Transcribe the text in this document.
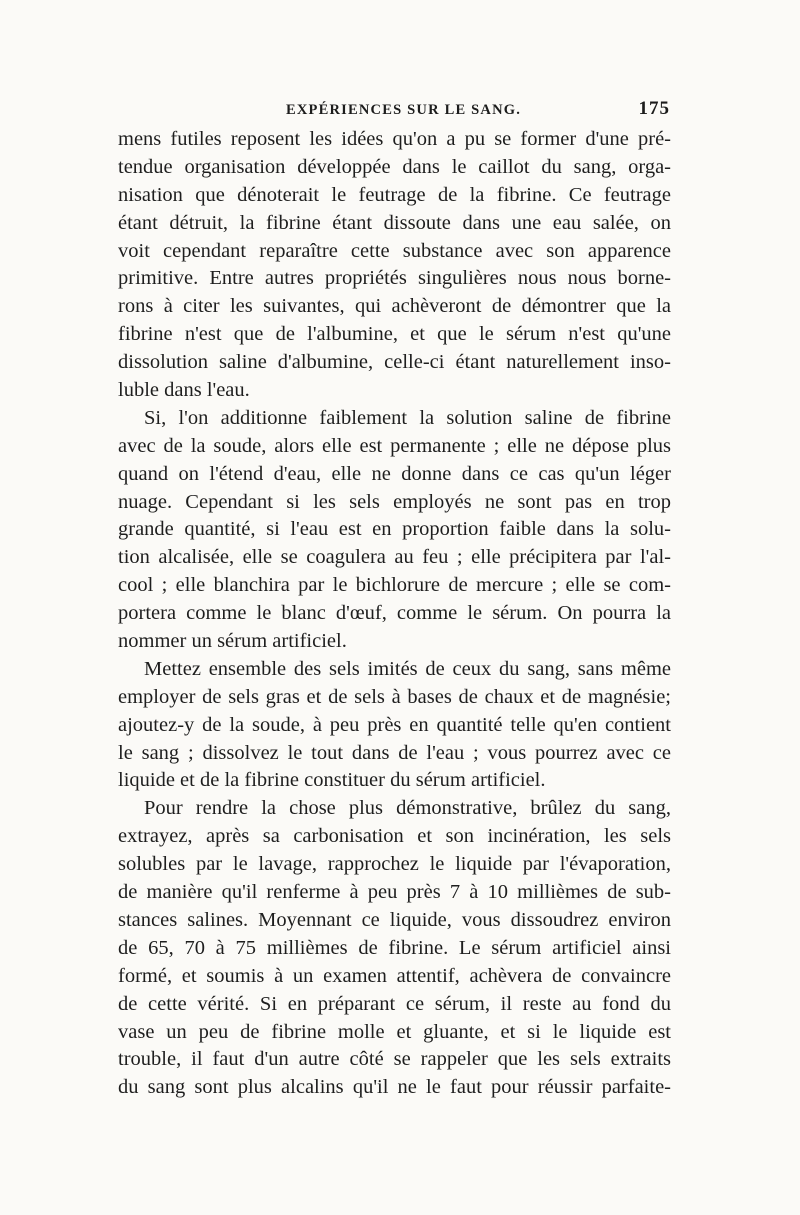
EXPÉRIENCES SUR LE SANG.	175
mens futiles reposent les idées qu'on a pu se former d'une pré-
tendue organisation développée dans le caillot du sang, orga-
nisation que dénoterait le feutrage de la fibrine. Ce feutrage
étant détruit, la fibrine étant dissoute dans une eau salée, on
voit cependant reparaître cette substance avec son apparence
primitive. Entre autres propriétés singulières nous nous borne-
rons à citer les suivantes, qui achèveront de démontrer que la
fibrine n'est que de l'albumine, et que le sérum n'est qu'une
dissolution saline d'albumine, celle-ci étant naturellement inso-
luble dans l'eau.
Si, l'on additionne faiblement la solution saline de fibrine
avec de la soude, alors elle est permanente ; elle ne dépose plus
quand on l'étend d'eau, elle ne donne dans ce cas qu'un léger
nuage. Cependant si les sels employés ne sont pas en trop
grande quantité, si l'eau est en proportion faible dans la solu-
tion alcalisée, elle se coagulera au feu ; elle précipitera par l'al-
cool ; elle blanchira par le bichlorure de mercure ; elle se com-
portera comme le blanc d'œuf, comme le sérum. On pourra la
nommer un sérum artificiel.
Mettez ensemble des sels imités de ceux du sang, sans même
employer de sels gras et de sels à bases de chaux et de magnésie;
ajoutez-y de la soude, à peu près en quantité telle qu'en contient
le sang ; dissolvez le tout dans de l'eau ; vous pourrez avec ce
liquide et de la fibrine constituer du sérum artificiel.
Pour rendre la chose plus démonstrative, brûlez du sang,
extrayez, après sa carbonisation et son incinération, les sels
solubles par le lavage, rapprochez le liquide par l'évaporation,
de manière qu'il renferme à peu près 7 à 10 millièmes de sub-
stances salines. Moyennant ce liquide, vous dissoudrez environ
de 65, 70 à 75 millièmes de fibrine. Le sérum artificiel ainsi
formé, et soumis à un examen attentif, achèvera de convaincre
de cette vérité. Si en préparant ce sérum, il reste au fond du
vase un peu de fibrine molle et gluante, et si le liquide est
trouble, il faut d'un autre côté se rappeler que les sels extraits
du sang sont plus alcalins qu'il ne le faut pour réussir parfaite-
